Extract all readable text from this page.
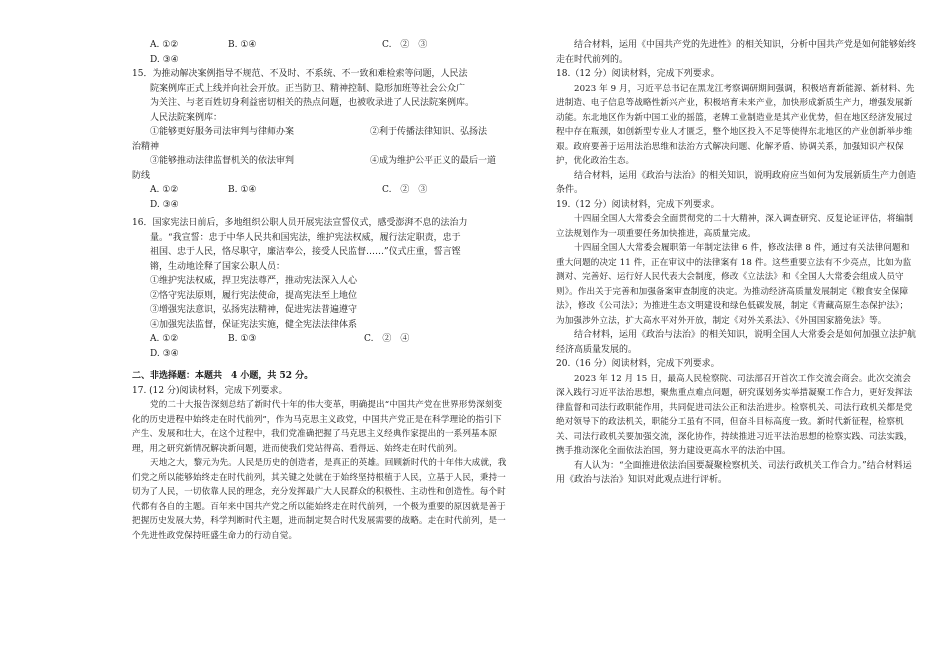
A. ①②	B. ①④	C.　②　③
D. ③④

15．为推动解决案例指导不规范、不及时、不系统、不一致和难检索等问题，人民法

院案例库正式上线并向社会开放。正当防卫、精神控制、隐形加班等社会公众广

为关注、与老百姓切身利益密切相关的热点问题，也被收录进了人民法院案例库。

人民法院案例库：

①能够更好服务司法审判与律师办案	②利于传播法律知识、弘扬法

治精神

③能够推动法律监督机关的依法审判	④成为维护公平正义的最后一道

防线

A. ①②	B. ①④	C.　②　③
D. ③④

16．国家宪法日前后，多地组织公职人员开展宪法宣誓仪式，感受澎湃不息的法治力

量。“我宣誓：忠于中华人民共和国宪法，维护宪法权威，履行法定职责，忠于

祖国、忠于人民，恪尽职守，廉洁奉公，接受人民监督……”仪式庄重，誓言铿

锵，生动地诠释了国家公职人员：

①维护宪法权威，捍卫宪法尊严，推动宪法深入人心

②恪守宪法原则，履行宪法使命，提高宪法至上地位

③增强宪法意识，弘扬宪法精神，促进宪法普遍遵守

④加强宪法监督，保证宪法实施，健全宪法法律体系

A. ①②	B. ①③	C.　②　④
D. ③④

二、非选择题：本题共　4 小题，共 52 分。

17. (12 分)阅读材料，完成下列要求。

党的二十大报告深刻总结了新时代十年的伟大变革，明确提出“中国共产党在世界形势深刻变化的历史进程中始终走在时代前列”，作为马克思主义政党，中国共产党正是在科学理论的指引下产生、发展和壮大，在这个过程中，我们党准确把握了马克思主义经典作家提出的一系列基本原理，用之研究新情况解决新问题，进而使我们党站得高、看得远、始终走在时代前列。

天地之大，黎元为先。人民是历史的创造者，是真正的英雄。回顾新时代的十年伟大成就，我们党之所以能够始终走在时代前列，其关键之处就在于始终坚持根植于人民，立基于人民，秉持一切为了人民，一切依靠人民的理念，充分发挥最广大人民群众的积极性、主动性和创造性。每个时代都有各自的主题。百年来中国共产党之所以能始终走在时代前列，一个极为重要的原因就是善于把握历史发展大势，科学判断时代主题，进而制定契合时代发展需要的战略。走在时代前列，是一个先进性政党保持旺盛生命力的行动自觉。

结合材料，运用《中国共产党的先进性》的相关知识，分析中国共产党是如何能够始终走在时代前列的。

18.（12 分）阅读材料，完成下列要求。

2023 年 9 月，习近平总书记在黑龙江考察调研期间强调，积极培育新能源、新材料、先进制造、电子信息等战略性新兴产业，积极培育未来产业，加快形成新质生产力，增强发展新动能。东北地区作为新中国工业的摇篮，老牌工业制造业是其产业优势，但在地区经济发展过程中存在瓶颈，如创新型专业人才匮乏，整个地区投入不足等使得东北地区的产业创新举步维艰。政府要善于运用法治思维和法治方式解决问题、化解矛盾、协调关系，加强知识产权保护，优化政治生态。

结合材料，运用《政治与法治》的相关知识，说明政府应当如何为发展新质生产力创造条件。

19.（12 分）阅读材料，完成下列要求。

十四届全国人大常委会全面贯彻党的二十大精神，深入调查研究、反复论证评估，将编制立法规划作为一项重要任务加快推进，高质量完成。

十四届全国人大常委会履职第一年制定法律 6 件，修改法律 8 件，通过有关法律问题和重大问题的决定 11 件，正在审议中的法律案有 18 件。这些重要立法有不少亮点，比如为监测对、完善好、运行好人民代表大会制度，修改《立法法》和《全国人大常委会组成人员守则》。作出关于完善和加强备案审查制度的决定。为推动经济高质量发展制定《粮食安全保障法》，修改《公司法》；为推进生态文明建设和绿色低碳发展，制定《青藏高原生态保护法》；为加强涉外立法，扩大高水平对外开放，制定《对外关系法》、《外国国家豁免法》等。

结合材料，运用《政治与法治》的相关知识，说明全国人大常委会是如何加强立法护航经济高质量发展的。

20.（16 分）阅读材料，完成下列要求。

2023 年 12 月 15 日，最高人民检察院、司法部召开首次工作交流会商会。此次交流会深入践行习近平法治思想，聚焦重点难点问题，研究谋划务实举措凝聚工作合力，更好发挥法律监督和司法行政职能作用，共同促进司法公正和法治进步。检察机关、司法行政机关都是党绝对领导下的政法机关，职能分工虽有不同，但奋斗目标高度一致。新时代新征程，检察机关、司法行政机关要加强交流，深化协作，持续推进习近平法治思想的检察实践、司法实践，携手推动深化全面依法治国，努力建设更高水平的法治中国。

有人认为：“全面推进依法治国要凝聚检察机关、司法行政机关工作合力。”结合材料运用《政治与法治》知识对此观点进行评析。
